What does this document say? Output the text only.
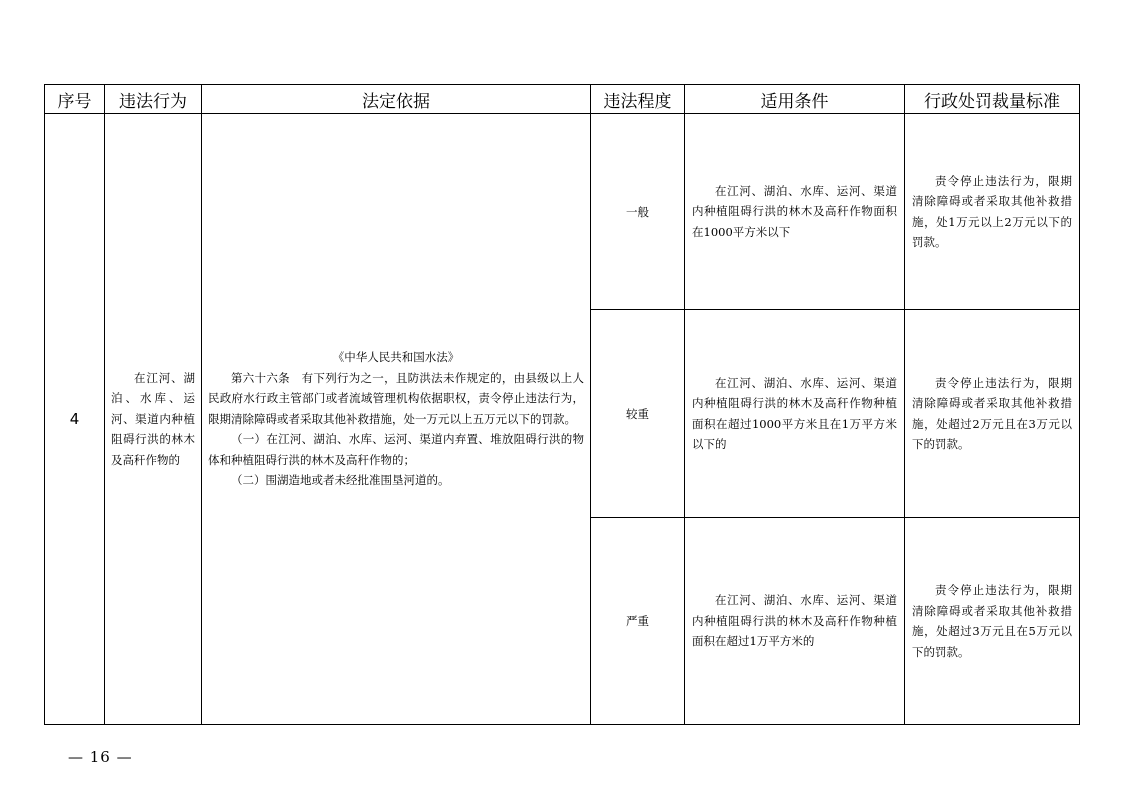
序号	违法行为	法定依据	违法程度	适用条件	行政处罚裁量标准
4	在江河、湖泊、水库、运河、渠道内种植阻碍行洪的林木及高秆作物的	《中华人民共和国水法》
第六十六条　有下列行为之一，且防洪法未作规定的，由县级以上人民政府水行政主管部门或者流域管理机构依据职权，责令停止违法行为，限期清除障碍或者采取其他补救措施，处一万元以上五万元以下的罚款。
（一）在江河、湖泊、水库、运河、渠道内弃置、堆放阻碍行洪的物体和种植阻碍行洪的林木及高秆作物的；
（二）围湖造地或者未经批准围垦河道的。	一般	在江河、湖泊、水库、运河、渠道内种植阻碍行洪的林木及高秆作物面积在1000平方米以下	责令停止违法行为，限期清除障碍或者采取其他补救措施，处1万元以上2万元以下的罚款。

			较重	在江河、湖泊、水库、运河、渠道内种植阻碍行洪的林木及高秆作物种植面积在超过1000平方米且在1万平方米以下的	责令停止违法行为，限期清除障碍或者采取其他补救措施，处超过2万元且在3万元以下的罚款。

			严重	在江河、湖泊、水库、运河、渠道内种植阻碍行洪的林木及高秆作物种植面积在超过1万平方米的	责令停止违法行为，限期清除障碍或者采取其他补救措施，处超过3万元且在5万元以下的罚款。
— 16 —
